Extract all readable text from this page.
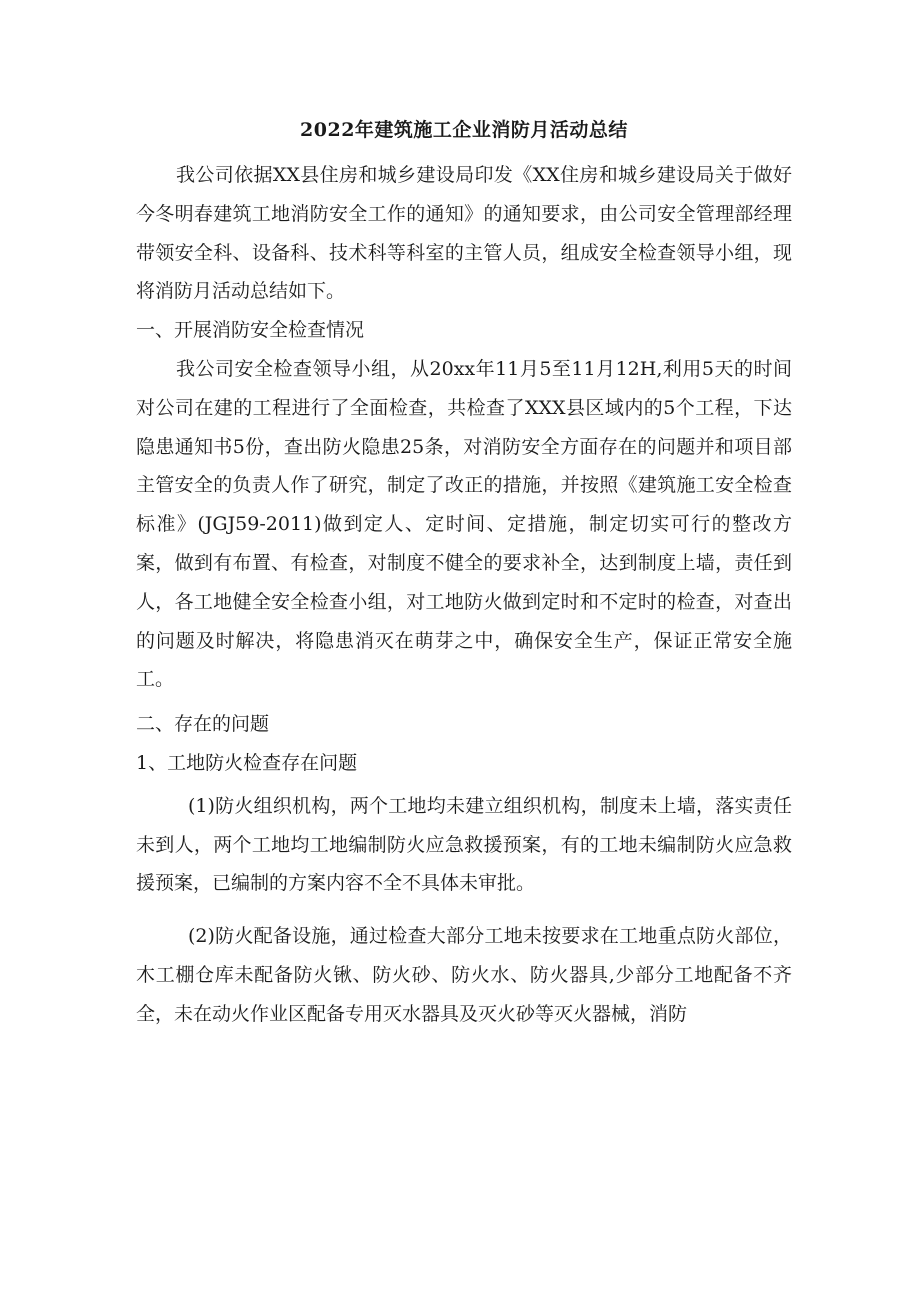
2022年建筑施工企业消防月活动总结

我公司依据XX县住房和城乡建设局印发《XX住房和城乡建设局关于做好今冬明春建筑工地消防安全工作的通知》的通知要求，由公司安全管理部经理带领安全科、设备科、技术科等科室的主管人员，组成安全检查领导小组，现将消防月活动总结如下。

一、开展消防安全检查情况

我公司安全检查领导小组，从20xx年11月5至11月12H,利用5天的时间对公司在建的工程进行了全面检查，共检查了XXX县区域内的5个工程，下达隐患通知书5份，查出防火隐患25条，对消防安全方面存在的问题并和项目部主管安全的负责人作了研究，制定了改正的措施，并按照《建筑施工安全检查标准》(JGJ59-2011)做到定人、定时间、定措施，制定切实可行的整改方案，做到有布置、有检查，对制度不健全的要求补全，达到制度上墙，责任到人，各工地健全安全检查小组，对工地防火做到定时和不定时的检查，对查出的问题及时解决，将隐患消灭在萌芽之中，确保安全生产，保证正常安全施工。

二、存在的问题

1、工地防火检查存在问题

(1)防火组织机构，两个工地均未建立组织机构，制度未上墙，落实责任未到人，两个工地均工地编制防火应急救援预案，有的工地未编制防火应急救援预案，已编制的方案内容不全不具体未审批。

(2)防火配备设施，通过检查大部分工地未按要求在工地重点防火部位，木工棚仓库未配备防火锹、防火砂、防火水、防火器具,少部分工地配备不齐全，未在动火作业区配备专用灭水器具及灭火砂等灭火器械，消防
